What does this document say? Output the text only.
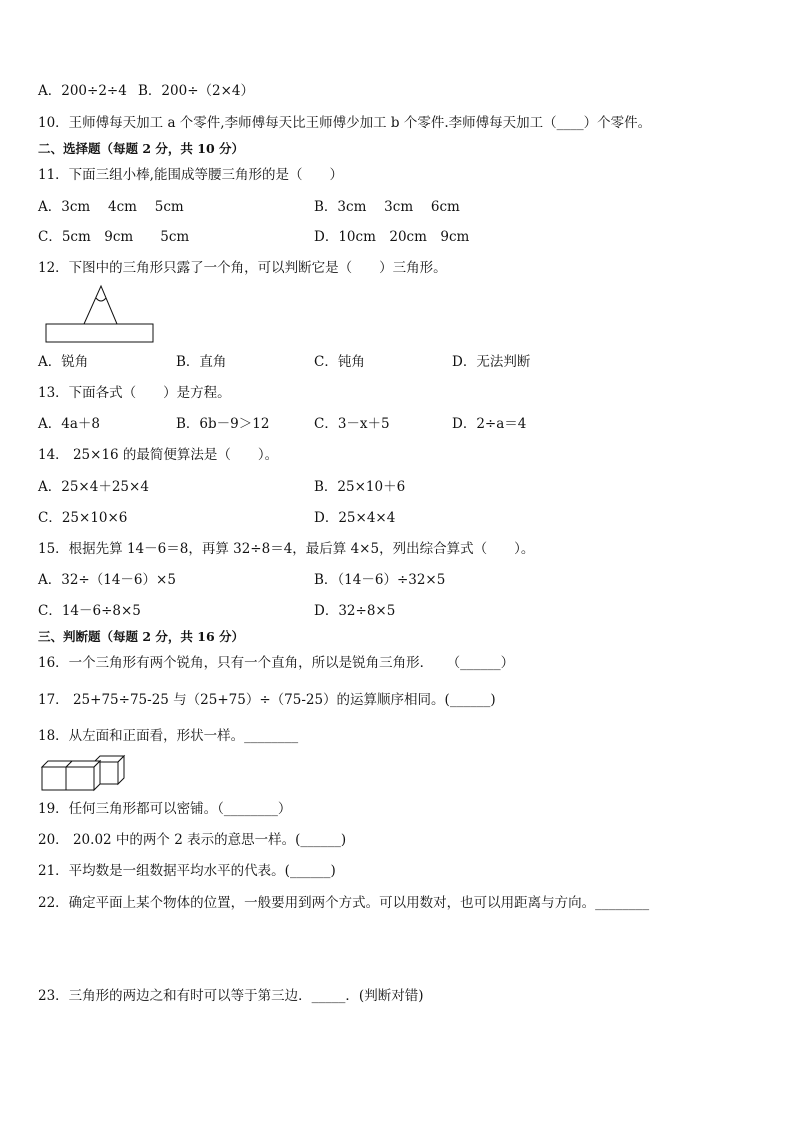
A．200÷2÷4 B．200÷（2×4）
10．王师傅每天加工 a 个零件,李师傅每天比王师傅少加工 b 个零件.李师傅每天加工（____）个零件。
二、选择题（每题 2 分，共 10 分）
11．下面三组小棒,能围成等腰三角形的是（　　）
A．3cm　 4cm　 5cm	B．3cm　 3cm　 6cm
C．5cm　9cm　　5cm	D．10cm　20cm　9cm
12．下图中的三角形只露了一个角，可以判断它是（　　）三角形。
A．锐角	B．直角	C．钝角	D．无法判断
13．下面各式（　　）是方程。
A．4a＋8	B．6b－9＞12	C．3－x＋5	D．2÷a＝4
14． 25×16 的最简便算法是（　　）。
A．25×4＋25×4	B．25×10＋6
C．25×10×6	D．25×4×4
15．根据先算 14－6＝8，再算 32÷8＝4，最后算 4×5，列出综合算式（　　）。
A．32÷（14－6）×5	B．（14－6）÷32×5
C．14－6÷8×5	D．32÷8×5
三、判断题（每题 2 分，共 16 分）
16．一个三角形有两个锐角，只有一个直角，所以是锐角三角形．　　（______）
17． 25+75÷75-25 与（25+75）÷（75-25）的运算顺序相同。(______)
18．从左面和正面看，形状一样。________
19．任何三角形都可以密铺。（________）
20． 20.02 中的两个 2 表示的意思一样。(______)
21．平均数是一组数据平均水平的代表。(______)
22．确定平面上某个物体的位置，一般要用到两个方式。可以用数对，也可以用距离与方向。________
23．三角形的两边之和有时可以等于第三边．_____．(判断对错)
